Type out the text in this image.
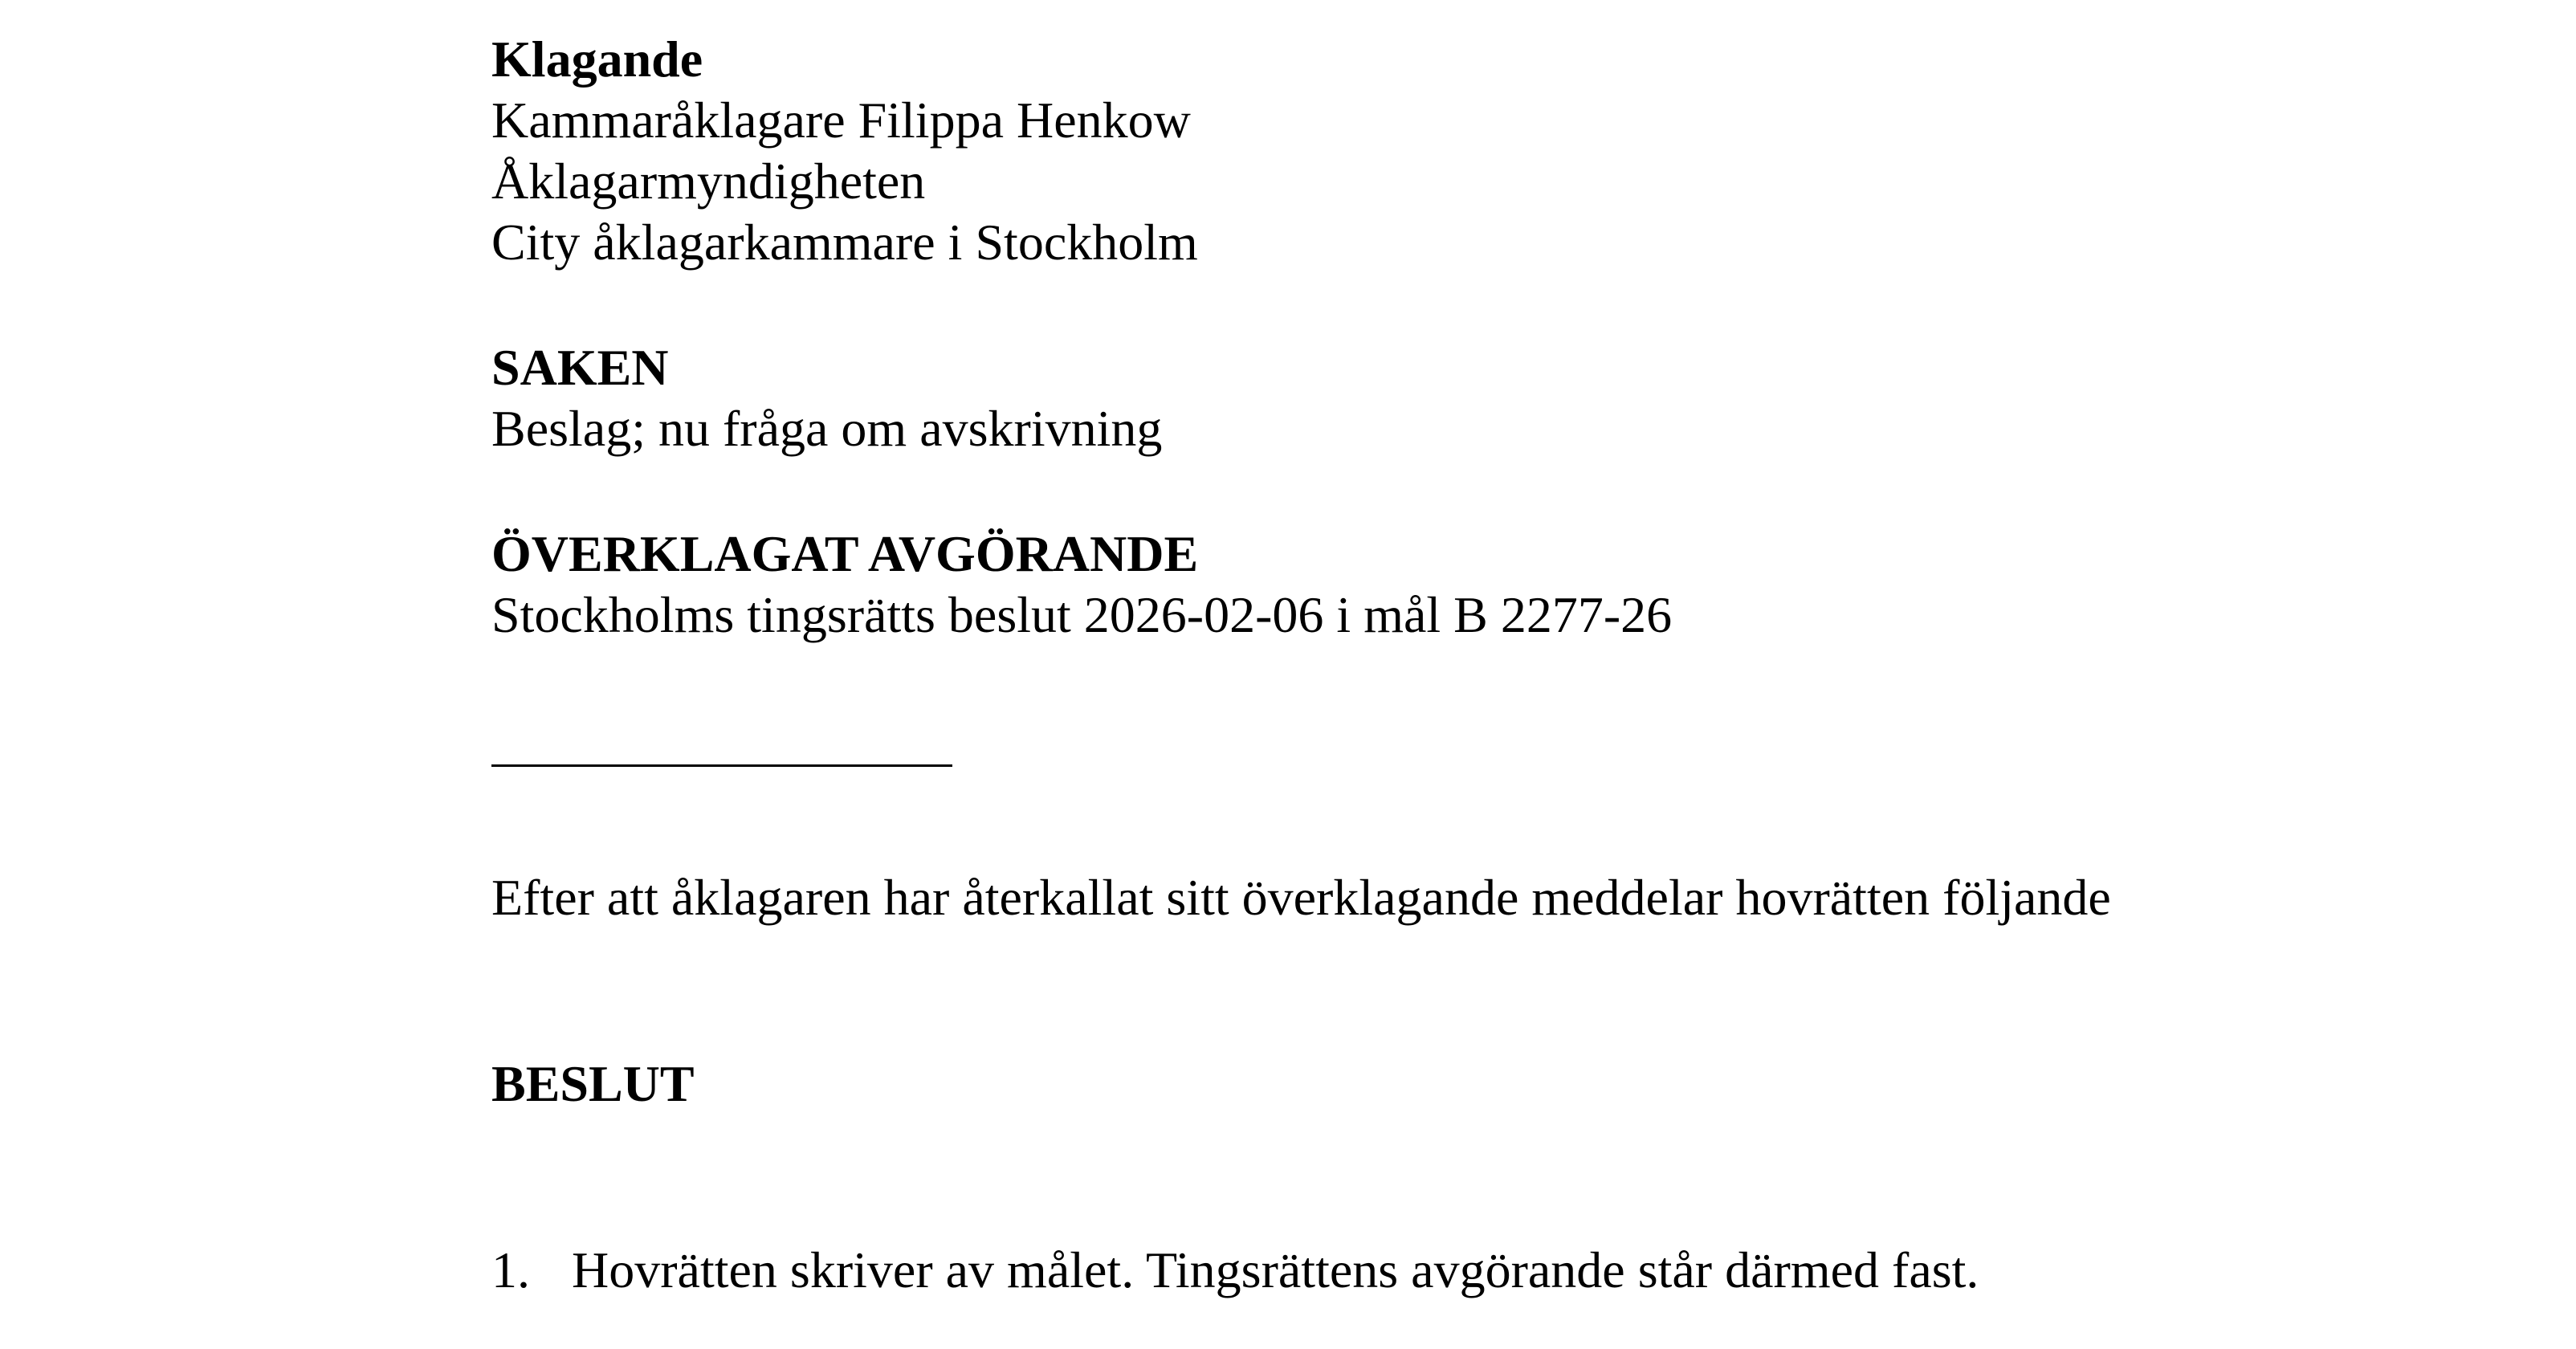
Klagande
Kammaråklagare Filippa Henkow
Åklagarmyndigheten
City åklagarkammare i Stockholm
SAKEN
Beslag; nu fråga om avskrivning
ÖVERKLAGAT AVGÖRANDE
Stockholms tingsrätts beslut 2026-02-06 i mål B 2277-26
Efter att åklagaren har återkallat sitt överklagande meddelar hovrätten följande
BESLUT
1. Hovrätten skriver av målet. Tingsrättens avgörande står därmed fast.
